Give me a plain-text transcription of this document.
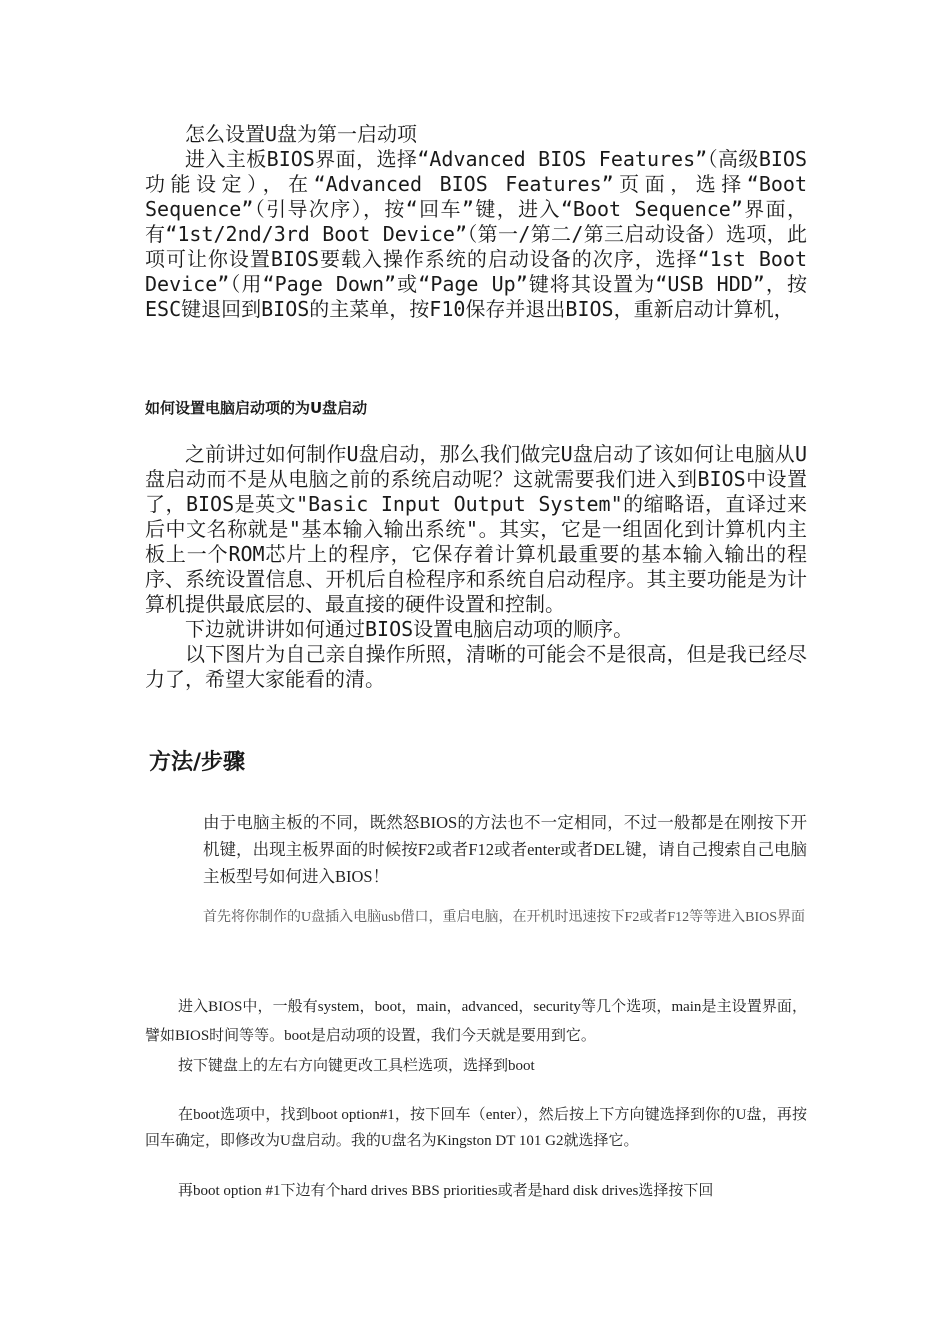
怎么设置U盘为第一启动项

进入主板BIOS界面，选择“Advanced BIOS Features”（高级BIOS功能设定），在“Advanced BIOS Features”页面，选择“Boot Sequence”（引导次序），按“回车”键，进入“Boot Sequence”界面，有“1st/2nd/3rd Boot Device”（第一/第二/第三启动设备）选项，此项可让你设置BIOS要载入操作系统的启动设备的次序，选择“1st Boot Device”（用“Page Down”或“Page Up”键将其设置为“USB HDD”，按ESC键退回到BIOS的主菜单，按F10保存并退出BIOS，重新启动计算机，

如何设置电脑启动项的为U盘启动

之前讲过如何制作U盘启动，那么我们做完U盘启动了该如何让电脑从U盘启动而不是从电脑之前的系统启动呢？这就需要我们进入到BIOS中设置了，BIOS是英文"Basic Input Output System"的缩略语，直译过来后中文名称就是"基本输入输出系统"。其实，它是一组固化到计算机内主板上一个ROM芯片上的程序，它保存着计算机最重要的基本输入输出的程序、系统设置信息、开机后自检程序和系统自启动程序。其主要功能是为计算机提供最底层的、最直接的硬件设置和控制。

下边就讲讲如何通过BIOS设置电脑启动项的顺序。

以下图片为自己亲自操作所照，清晰的可能会不是很高，但是我已经尽力了，希望大家能看的清。

方法/步骤
由于电脑主板的不同，既然怒BIOS的方法也不一定相同，不过一般都是在刚按下开机键，出现主板界面的时候按F2或者F12或者enter或者DEL键，请自己搜索自己电脑主板型号如何进入BIOS！
首先将你制作的U盘插入电脑usb借口，重启电脑，在开机时迅速按下F2或者F12等等进入BIOS界面

进入BIOS中，一般有system，boot，main，advanced，security等几个选项，main是主设置界面，譬如BIOS时间等等。boot是启动项的设置，我们今天就是要用到它。

按下键盘上的左右方向键更改工具栏选项，选择到boot

在boot选项中，找到boot option#1，按下回车（enter），然后按上下方向键选择到你的U盘，再按回车确定，即修改为U盘启动。我的U盘名为Kingston DT 101 G2就选择它。

再boot option #1下边有个hard drives BBS priorities或者是hard disk drives选择按下回
